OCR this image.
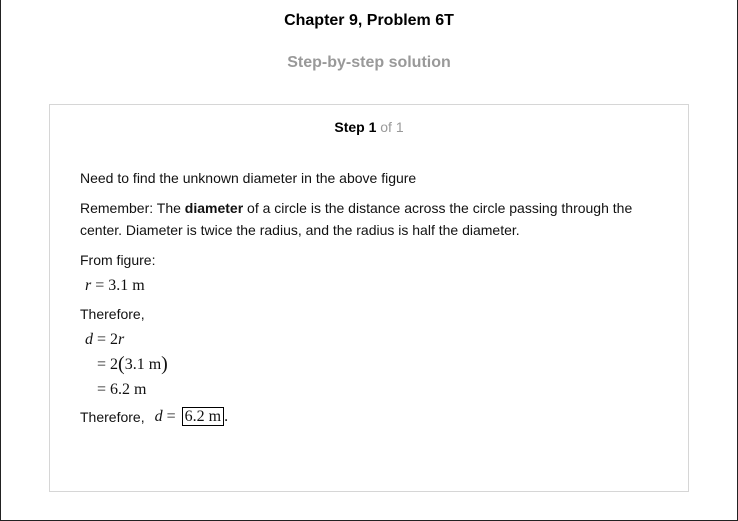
Chapter 9, Problem 6T
Step-by-step solution
Step 1 of 1

Need to find the unknown diameter in the above figure

Remember: The diameter of a circle is the distance across the circle passing through the center. Diameter is twice the radius, and the radius is half the diameter.

From figure:

r = 3.1 m

Therefore,

d = 2r
= 2(3.1 m)
= 6.2 m
Therefore, d = 6.2 m .
